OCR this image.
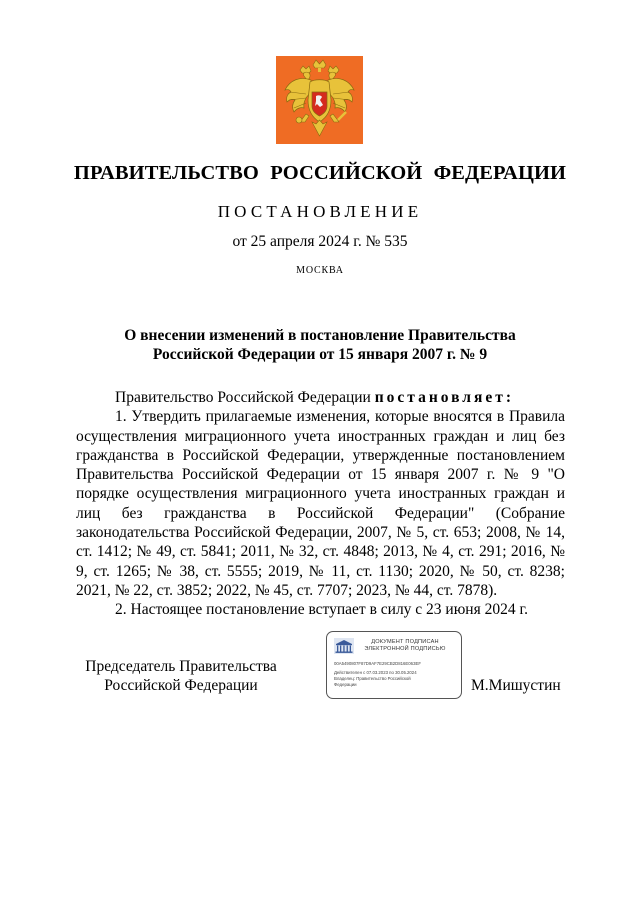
ПРАВИТЕЛЬСТВО РОССИЙСКОЙ ФЕДЕРАЦИИ
ПОСТАНОВЛЕНИЕ
от 25 апреля 2024 г. № 535
МОСКВА
О внесении изменений в постановление Правительства
Российской Федерации от 15 января 2007 г. № 9
Правительство Российской Федерации постановляет:

1. Утвердить прилагаемые изменения, которые вносятся в Правила осуществления миграционного учета иностранных граждан и лиц без гражданства в Российской Федерации, утвержденные постановлением Правительства Российской Федерации от 15 января 2007 г. № 9 "О порядке осуществления миграционного учета иностранных граждан и лиц без гражданства в Российской Федерации" (Собрание законодательства Российской Федерации, 2007, № 5, ст. 653; 2008, № 14, ст. 1412; № 49, ст. 5841; 2011, № 32, ст. 4848; 2013, № 4, ст. 291; 2016, № 9, ст. 1265; № 38, ст. 5555; 2019, № 11, ст. 1130; 2020, № 50, ст. 8238; 2021, № 22, ст. 3852; 2022, № 45, ст. 7707; 2023, № 44, ст. 7878).

2. Настоящее постановление вступает в силу с 23 июня 2024 г.

Председатель Правительства
Российской Федерации
ДОКУМЕНТ ПОДПИСАН
ЭЛЕКТРОННОЙ ПОДПИСЬЮ
00A5490807F87D9AF7E29CB2D816E063EF
Действителен с 07.03.2023 по 30.05.2024
Владелец: Правительство Российской
Федерации	М.Мишустин
